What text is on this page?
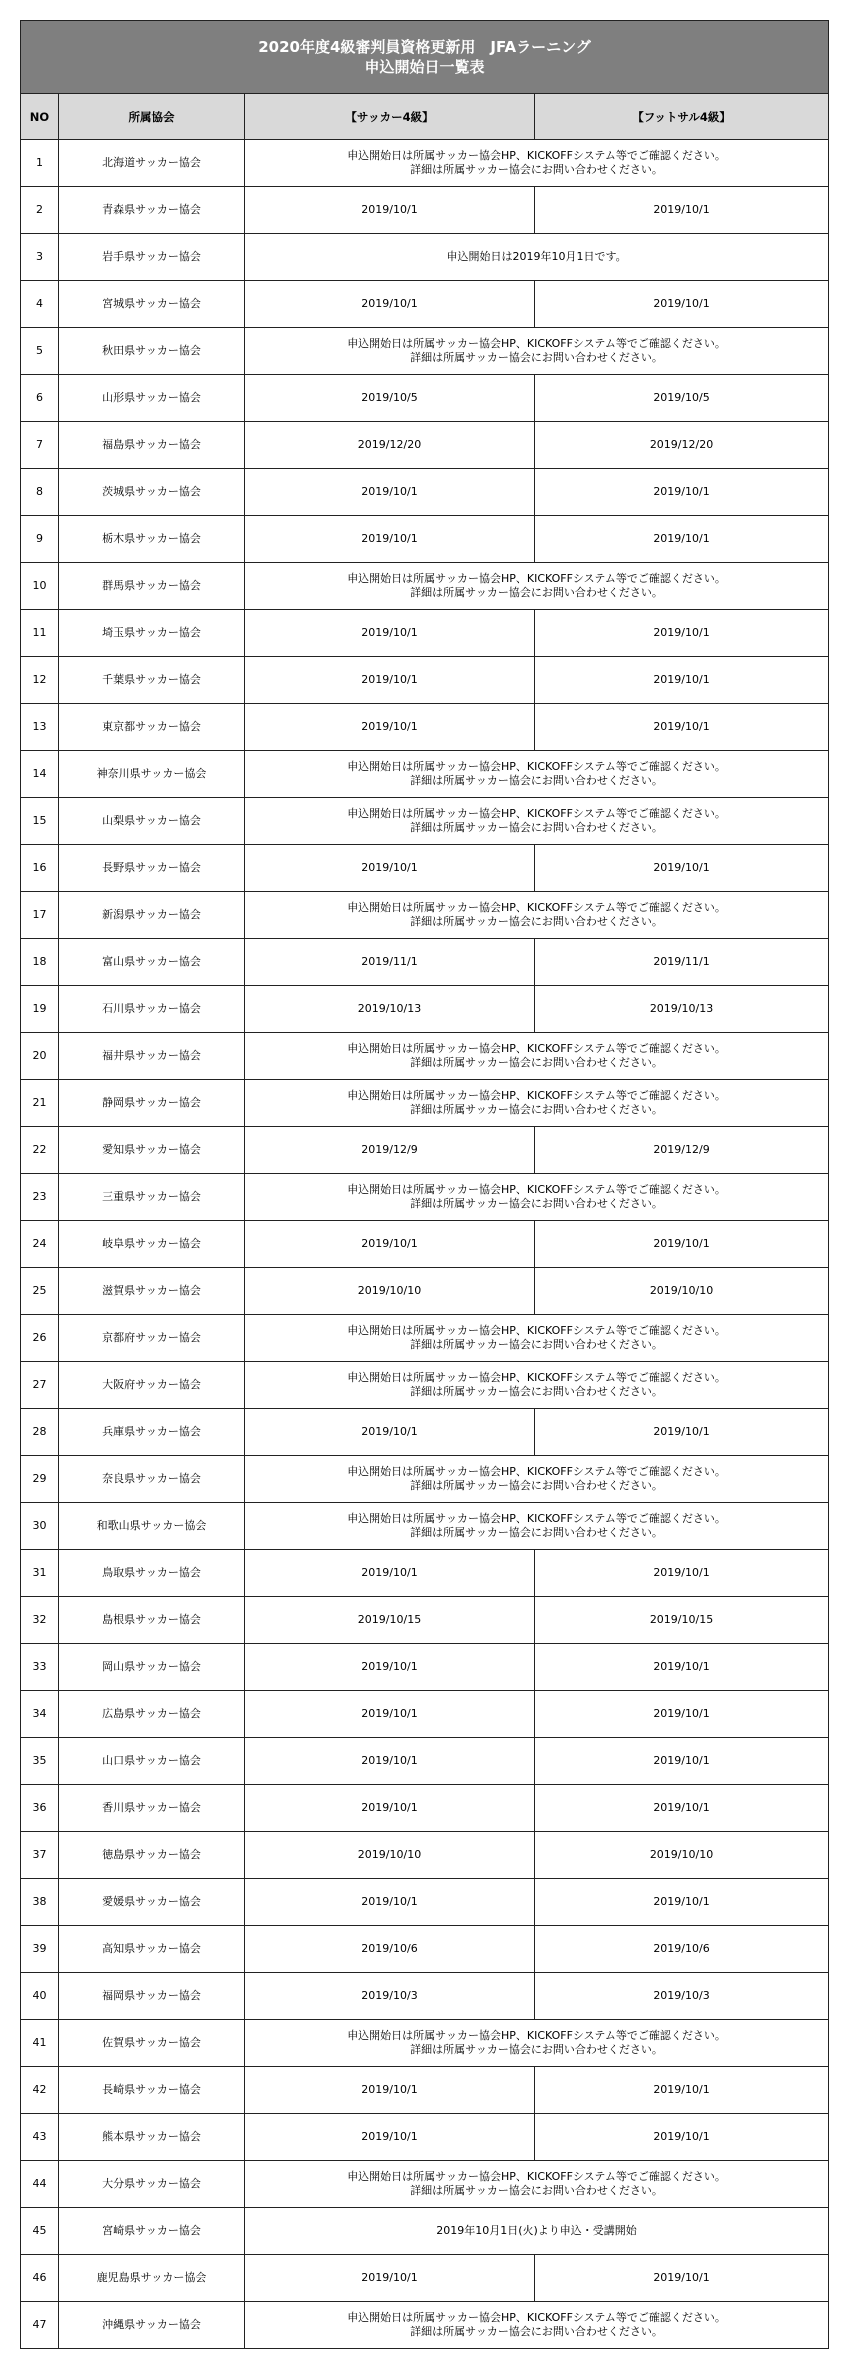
2020年度4級審判員資格更新用　JFAラーニング
申込開始日一覧表			

NO	所属協会	【サッカー4級】	【フットサル4級】
1	北海道サッカー協会	申込開始日は所属サッカー協会HP、KICKOFFシステム等でご確認ください。
詳細は所属サッカー協会にお問い合わせください。	

2	青森県サッカー協会	2019/10/1	2019/10/1
3	岩手県サッカー協会	申込開始日は2019年10月1日です。	

4	宮城県サッカー協会	2019/10/1	2019/10/1
5	秋田県サッカー協会	申込開始日は所属サッカー協会HP、KICKOFFシステム等でご確認ください。
詳細は所属サッカー協会にお問い合わせください。	

6	山形県サッカー協会	2019/10/5	2019/10/5
7	福島県サッカー協会	2019/12/20	2019/12/20
8	茨城県サッカー協会	2019/10/1	2019/10/1
9	栃木県サッカー協会	2019/10/1	2019/10/1
10	群馬県サッカー協会	申込開始日は所属サッカー協会HP、KICKOFFシステム等でご確認ください。
詳細は所属サッカー協会にお問い合わせください。	

11	埼玉県サッカー協会	2019/10/1	2019/10/1
12	千葉県サッカー協会	2019/10/1	2019/10/1
13	東京都サッカー協会	2019/10/1	2019/10/1
14	神奈川県サッカー協会	申込開始日は所属サッカー協会HP、KICKOFFシステム等でご確認ください。
詳細は所属サッカー協会にお問い合わせください。	

15	山梨県サッカー協会	申込開始日は所属サッカー協会HP、KICKOFFシステム等でご確認ください。
詳細は所属サッカー協会にお問い合わせください。	

16	長野県サッカー協会	2019/10/1	2019/10/1
17	新潟県サッカー協会	申込開始日は所属サッカー協会HP、KICKOFFシステム等でご確認ください。
詳細は所属サッカー協会にお問い合わせください。	

18	富山県サッカー協会	2019/11/1	2019/11/1
19	石川県サッカー協会	2019/10/13	2019/10/13
20	福井県サッカー協会	申込開始日は所属サッカー協会HP、KICKOFFシステム等でご確認ください。
詳細は所属サッカー協会にお問い合わせください。	

21	静岡県サッカー協会	申込開始日は所属サッカー協会HP、KICKOFFシステム等でご確認ください。
詳細は所属サッカー協会にお問い合わせください。	

22	愛知県サッカー協会	2019/12/9	2019/12/9
23	三重県サッカー協会	申込開始日は所属サッカー協会HP、KICKOFFシステム等でご確認ください。
詳細は所属サッカー協会にお問い合わせください。	

24	岐阜県サッカー協会	2019/10/1	2019/10/1
25	滋賀県サッカー協会	2019/10/10	2019/10/10
26	京都府サッカー協会	申込開始日は所属サッカー協会HP、KICKOFFシステム等でご確認ください。
詳細は所属サッカー協会にお問い合わせください。	

27	大阪府サッカー協会	申込開始日は所属サッカー協会HP、KICKOFFシステム等でご確認ください。
詳細は所属サッカー協会にお問い合わせください。	

28	兵庫県サッカー協会	2019/10/1	2019/10/1
29	奈良県サッカー協会	申込開始日は所属サッカー協会HP、KICKOFFシステム等でご確認ください。
詳細は所属サッカー協会にお問い合わせください。	

30	和歌山県サッカー協会	申込開始日は所属サッカー協会HP、KICKOFFシステム等でご確認ください。
詳細は所属サッカー協会にお問い合わせください。	

31	鳥取県サッカー協会	2019/10/1	2019/10/1
32	島根県サッカー協会	2019/10/15	2019/10/15
33	岡山県サッカー協会	2019/10/1	2019/10/1
34	広島県サッカー協会	2019/10/1	2019/10/1
35	山口県サッカー協会	2019/10/1	2019/10/1
36	香川県サッカー協会	2019/10/1	2019/10/1
37	徳島県サッカー協会	2019/10/10	2019/10/10
38	愛媛県サッカー協会	2019/10/1	2019/10/1
39	高知県サッカー協会	2019/10/6	2019/10/6
40	福岡県サッカー協会	2019/10/3	2019/10/3
41	佐賀県サッカー協会	申込開始日は所属サッカー協会HP、KICKOFFシステム等でご確認ください。
詳細は所属サッカー協会にお問い合わせください。	

42	長崎県サッカー協会	2019/10/1	2019/10/1
43	熊本県サッカー協会	2019/10/1	2019/10/1
44	大分県サッカー協会	申込開始日は所属サッカー協会HP、KICKOFFシステム等でご確認ください。
詳細は所属サッカー協会にお問い合わせください。	

45	宮崎県サッカー協会	2019年10月1日(火)より申込・受講開始	

46	鹿児島県サッカー協会	2019/10/1	2019/10/1
47	沖縄県サッカー協会	申込開始日は所属サッカー協会HP、KICKOFFシステム等でご確認ください。
詳細は所属サッカー協会にお問い合わせください。	
